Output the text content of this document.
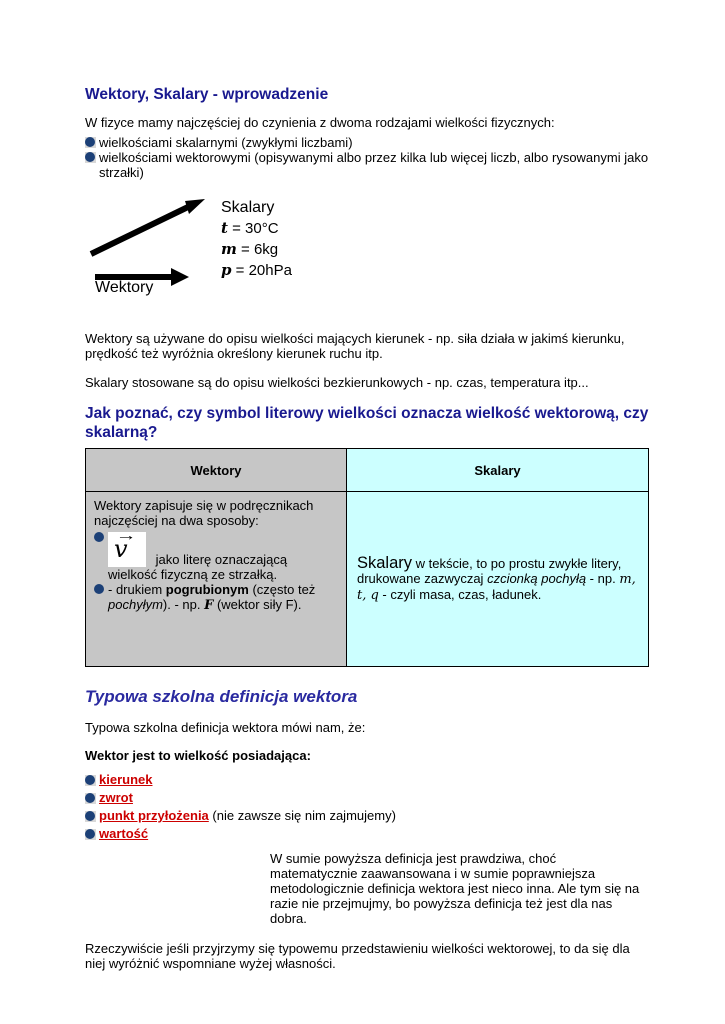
Wektory, Skalary - wprowadzenie

W fizyce mamy najczęściej do czynienia z dwoma rodzajami wielkości fizycznych:

wielkościami skalarnymi (zwykłymi liczbami)
wielkościami wektorowymi (opisywanymi albo przez kilka lub więcej liczb, albo rysowanymi jako strzałki)
Wektory
Skalary
t = 30°C
m = 6kg
p = 20hPa

Wektory są używane do opisu wielkości mających kierunek - np. siła działa w jakimś kierunku, prędkość też wyróżnia określony kierunek ruchu itp.

Skalary stosowane są do opisu wielkości bezkierunkowych - np. czas, temperatura itp...

Jak poznać, czy symbol literowy wielkości oznacza wielkość wektorową, czy skalarną?
Wektory	Skalary

Wektory zapisuje się w podręcznikach najczęściej na dwa sposoby:

→
v jako literę oznaczającą wielkość fizyczną ze strzałką.
- drukiem pogrubionym (często też pochyłym). - np. F (wektor siły F).	Skalary w tekście, to po prostu zwykłe litery, drukowane zazwyczaj czcionką pochyłą - np. m, t, q - czyli masa, czas, ładunek.
Typowa szkolna definicja wektora

Typowa szkolna definicja wektora mówi nam, że:

Wektor jest to wielkość posiadająca:

kierunek
zwrot
punkt przyłożenia (nie zawsze się nim zajmujemy)
wartość
W sumie powyższa definicja jest prawdziwa, choć matematycznie zaawansowana i w sumie poprawniejsza metodologicznie definicja wektora jest nieco inna. Ale tym się na razie nie przejmujmy, bo powyższa definicja też jest dla nas dobra.

Rzeczywiście jeśli przyjrzymy się typowemu przedstawieniu wielkości wektorowej, to da się dla niej wyróżnić wspomniane wyżej własności.
